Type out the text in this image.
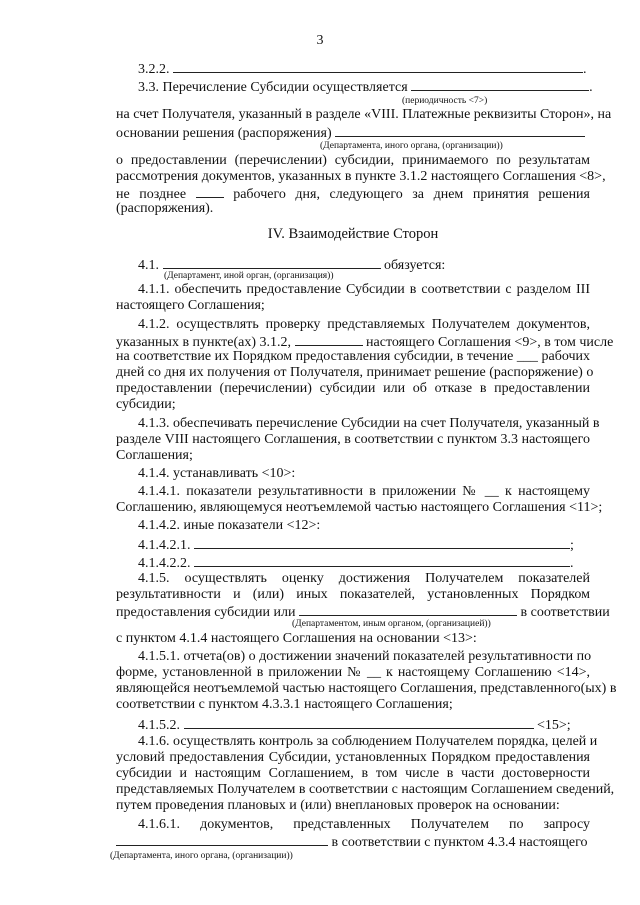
3
3.2.2.	.
3.3. Перечисление Субсидии осуществляется	.
(периодичность <7>)
на счет Получателя, указанный в разделе «VIII. Платежные реквизиты Сторон», на
основании решения (распоряжения)
(Департамента, иного органа, (организации))
о предоставлении (перечислении) субсидии, принимаемого по результатам
рассмотрения документов, указанных в пункте 3.1.2 настоящего Соглашения <8>,
не позднее	рабочего дня, следующего за днем принятия решения
(распоряжения).
IV. Взаимодействие Сторон
4.1.	обязуется:
(Департамент, иной орган, (организация))
4.1.1. обеспечить предоставление Субсидии в соответствии с разделом III
настоящего Соглашения;
4.1.2. осуществлять проверку представляемых Получателем документов,
указанных в пункте(ах) 3.1.2,	настоящего Соглашения <9>, в том числе
на соответствие их Порядком предоставления субсидии, в течение ___ рабочих
дней со дня их получения от Получателя, принимает решение (распоряжение) о
предоставлении (перечислении) субсидии или об отказе в предоставлении
субсидии;
4.1.3. обеспечивать перечисление Субсидии на счет Получателя, указанный в
разделе VIII настоящего Соглашения, в соответствии с пунктом 3.3 настоящего
Соглашения;
4.1.4. устанавливать <10>:
4.1.4.1. показатели результативности в приложении № __ к настоящему
Соглашению, являющемуся неотъемлемой частью настоящего Соглашения <11>;
4.1.4.2. иные показатели <12>:
4.1.4.2.1.	;
4.1.4.2.2.	.
4.1.5. осуществлять оценку достижения Получателем показателей
результативности и (или) иных показателей, установленных Порядком
предоставления субсидии или	в соответствии
(Департаментом, иным органом, (организацией))
с пунктом 4.1.4 настоящего Соглашения на основании <13>:
4.1.5.1. отчета(ов) о достижении значений показателей результативности по
форме, установленной в приложении № __ к настоящему Соглашению <14>,
являющейся неотъемлемой частью настоящего Соглашения, представленного(ых) в
соответствии с пунктом 4.3.3.1 настоящего Соглашения;
4.1.5.2.	<15>;
4.1.6. осуществлять контроль за соблюдением Получателем порядка, целей и
условий предоставления Субсидии, установленных Порядком предоставления
субсидии и настоящим Соглашением, в том числе в части достоверности
представляемых Получателем в соответствии с настоящим Соглашением сведений,
путем проведения плановых и (или) внеплановых проверок на основании:
4.1.6.1. документов, представленных Получателем по запросу
в соответствии с пунктом 4.3.4 настоящего
(Департамента, иного органа, (организации))
